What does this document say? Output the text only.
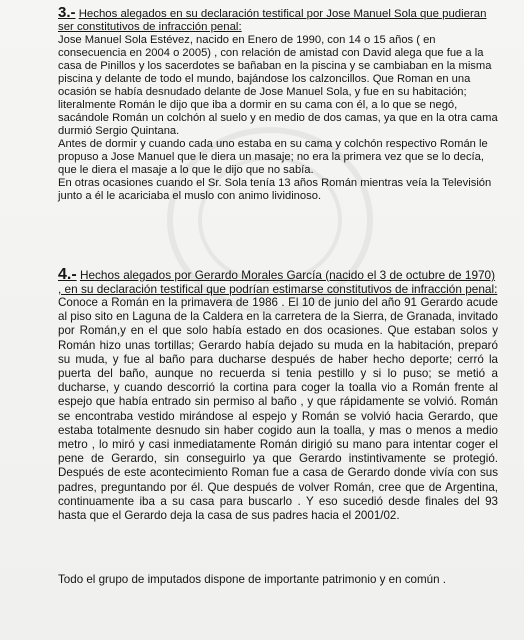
3.- Hechos alegados en su declaración testifical por Jose Manuel Sola que pudieran ser constitutivos de infracción penal:

Jose Manuel Sola Estévez, nacido en Enero de 1990, con 14 o 15 años ( en consecuencia en 2004 o 2005) , con relación de amistad con David alega que fue a la casa de Pinillos y los sacerdotes se bañaban en la piscina y se cambiaban en la misma piscina y delante de todo el mundo, bajándose los calzoncillos. Que Roman en una ocasión se había desnudado delante de Jose Manuel Sola, y fue en su habitación; literalmente Román le dijo que iba a dormir en su cama con él, a lo que se negó, sacándole Román un colchón al suelo y en medio de dos camas, ya que en la otra cama durmió Sergio Quintana.

Antes de dormir y cuando cada uno estaba en su cama y colchón respectivo Román le propuso a Jose Manuel que le diera un masaje; no era la primera vez que se lo decía, que le diera el masaje a lo que le dijo que no sabía.

En otras ocasiones cuando el Sr. Sola tenía 13 años Román mientras veía la Televisión junto a él le acariciaba el muslo con animo lividinoso.

4.- Hechos alegados por Gerardo Morales García (nacido el 3 de octubre de 1970) , en su declaración testifical que podrían estimarse constitutivos de infracción penal:

Conoce a Román en la primavera de 1986 . El 10 de junio del año 91 Gerardo acude al piso sito en Laguna de la Caldera en la carretera de la Sierra, de Granada, invitado por Román,y en el que solo había estado en dos ocasiones. Que estaban solos y Román hizo unas tortillas; Gerardo había dejado su muda en la habitación, preparó su muda, y fue al baño para ducharse después de haber hecho deporte; cerró la puerta del baño, aunque no recuerda si tenia pestillo y si lo puso; se metió a ducharse, y cuando descorrió la cortina para coger la toalla vio a Román frente al espejo que había entrado sin permiso al baño , y que rápidamente se volvió. Román se encontraba vestido mirándose al espejo y Román se volvió hacia Gerardo, que estaba totalmente desnudo sin haber cogido aun la toalla, y mas o menos a medio metro , lo miró y casi inmediatamente Román dirigió su mano para intentar coger el pene de Gerardo, sin conseguirlo ya que Gerardo instintivamente se protegió. Después de este acontecimiento Roman fue a casa de Gerardo donde vivía con sus padres, preguntando por él. Que después de volver Román, cree que de Argentina, continuamente iba a su casa para buscarlo . Y eso sucedió desde finales del 93 hasta que el Gerardo deja la casa de sus padres hacia el 2001/02.

Todo el grupo de imputados dispone de importante patrimonio y en común .
